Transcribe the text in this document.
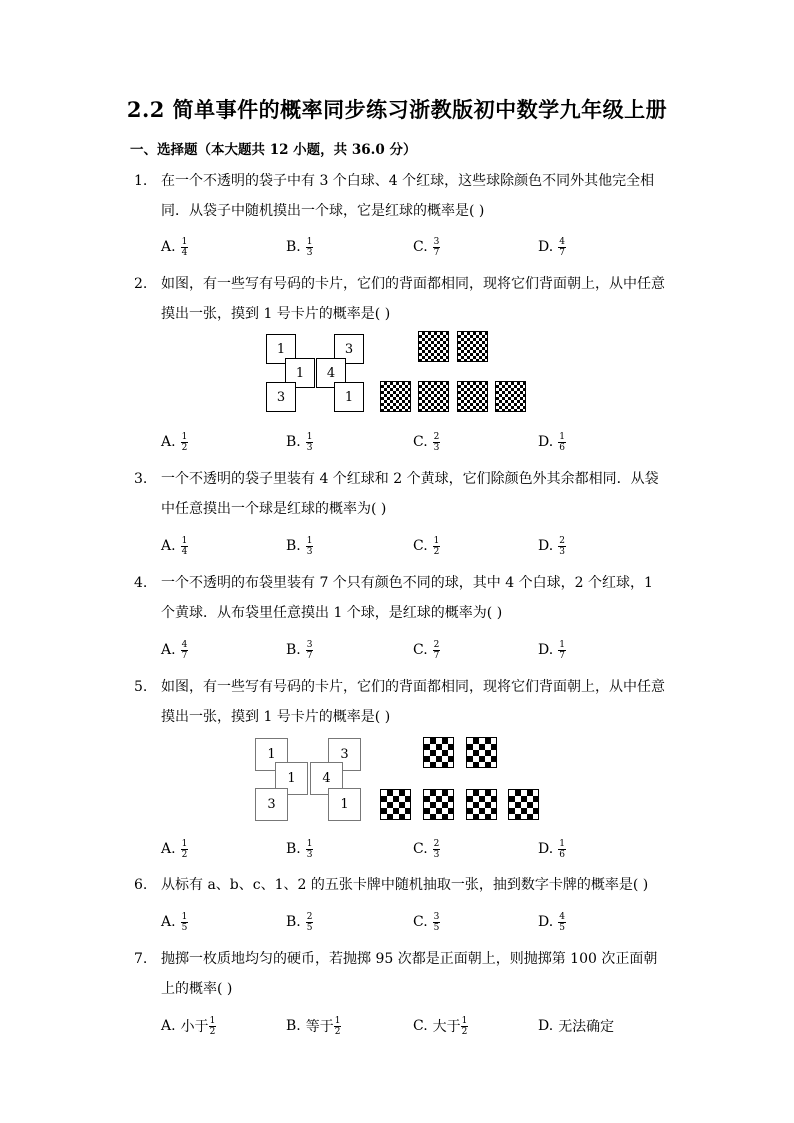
2.2 简单事件的概率同步练习浙教版初中数学九年级上册
一、选择题（本大题共 12 小题，共 36.0 分）
1. 在一个不透明的袋子中有 3 个白球、4 个红球，这些球除颜色不同外其他完全相同．从袋子中随机摸出一个球，它是红球的概率是( )
A. $\frac{1}{4}$	B. $\frac{1}{3}$	C. $\frac{3}{7}$	D. $\frac{4}{7}$
2. 如图，有一些写有号码的卡片，它们的背面都相同，现将它们背面朝上，从中任意摸出一张，摸到 1 号卡片的概率是( )
1	3
1	4
3	1
A. $\frac{1}{2}$	B. $\frac{1}{3}$	C. $\frac{2}{3}$	D. $\frac{1}{6}$
3. 一个不透明的袋子里装有 4 个红球和 2 个黄球，它们除颜色外其余都相同．从袋中任意摸出一个球是红球的概率为( )
A. $\frac{1}{4}$	B. $\frac{1}{3}$	C. $\frac{1}{2}$	D. $\frac{2}{3}$
4. 一个不透明的布袋里装有 7 个只有颜色不同的球，其中 4 个白球，2 个红球，1 个黄球．从布袋里任意摸出 1 个球，是红球的概率为( )
A. $\frac{4}{7}$	B. $\frac{3}{7}$	C. $\frac{2}{7}$	D. $\frac{1}{7}$
5. 如图，有一些写有号码的卡片，它们的背面都相同，现将它们背面朝上，从中任意摸出一张，摸到 1 号卡片的概率是( )
1	3
1	4
3	1
A. $\frac{1}{2}$	B. $\frac{1}{3}$	C. $\frac{2}{3}$	D. $\frac{1}{6}$
6. 从标有 a、b、c、1、2 的五张卡牌中随机抽取一张，抽到数字卡牌的概率是( )
A. $\frac{1}{5}$	B. $\frac{2}{5}$	C. $\frac{3}{5}$	D. $\frac{4}{5}$
7. 抛掷一枚质地均匀的硬币，若抛掷 95 次都是正面朝上，则抛掷第 100 次正面朝上的概率( )
A. 小于 $\frac{1}{2}$	B. 等于 $\frac{1}{2}$	C. 大于 $\frac{1}{2}$	D. 无法确定
